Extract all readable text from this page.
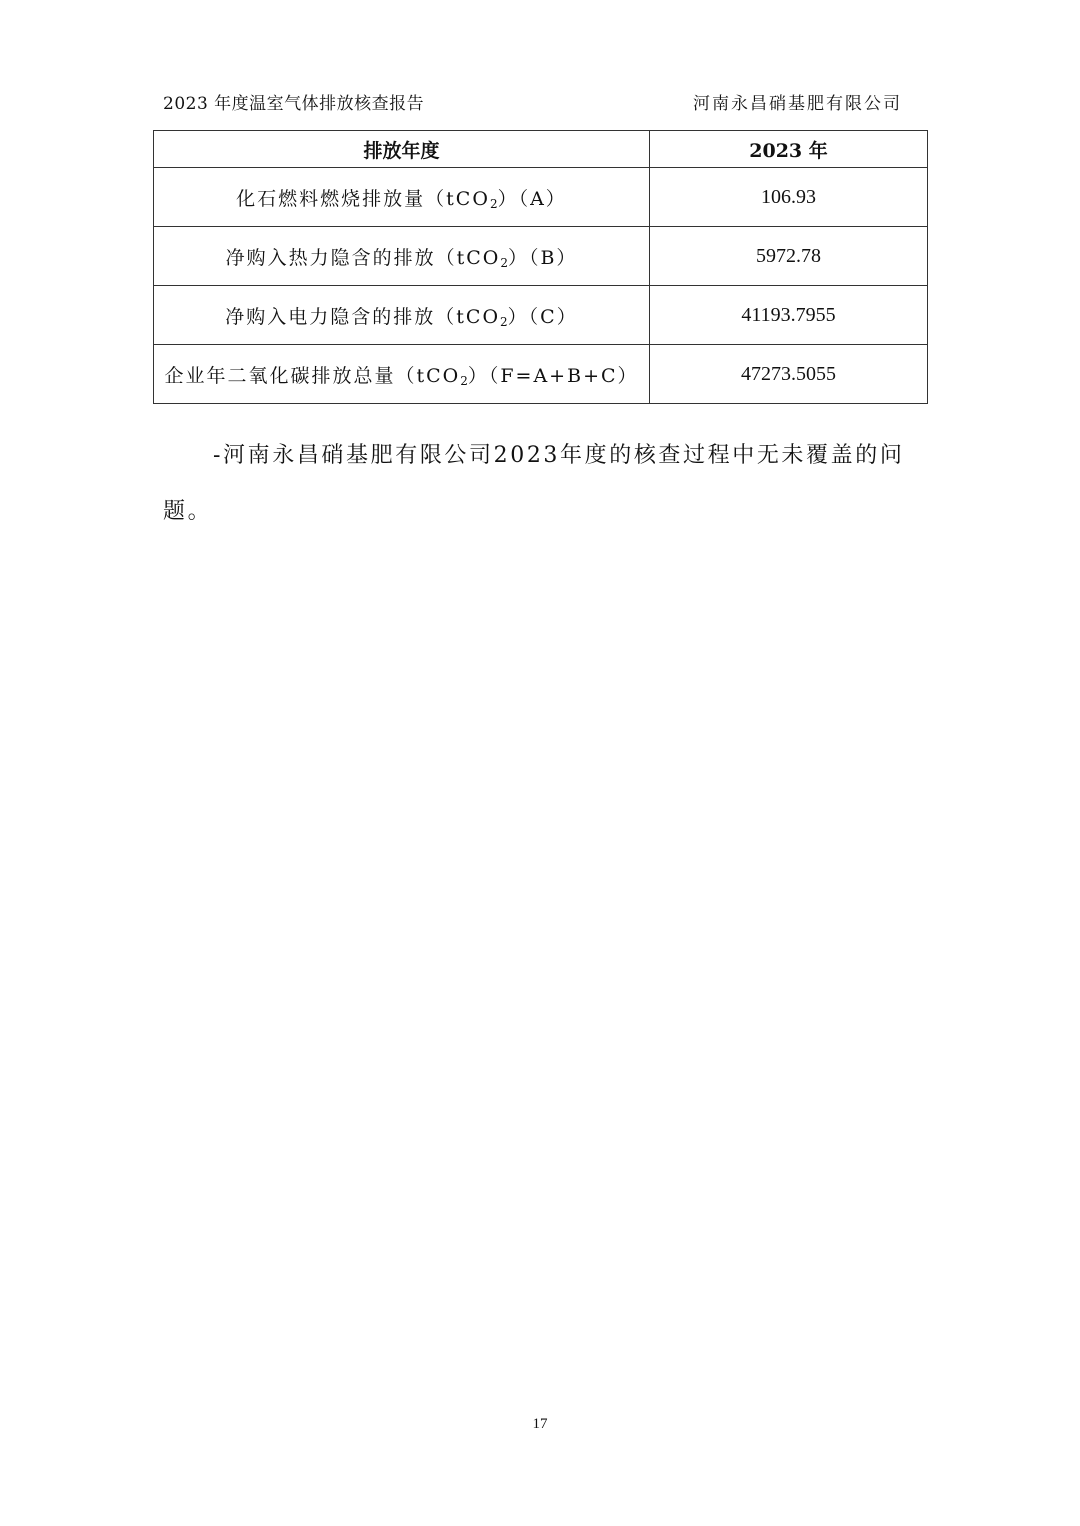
2023 年度温室气体排放核查报告	河南永昌硝基肥有限公司
排放年度	2023 年
化石燃料燃烧排放量（tCO$_2$）（A）	106.93
净购入热力隐含的排放（tCO$_2$）（B）	5972.78
净购入电力隐含的排放（tCO$_2$）（C）	41193.7955
企业年二氧化碳排放总量（tCO$_2$）（F=A+B+C）	47273.5055

-河南永昌硝基肥有限公司2023年度的核查过程中无未覆盖的问题。

17
